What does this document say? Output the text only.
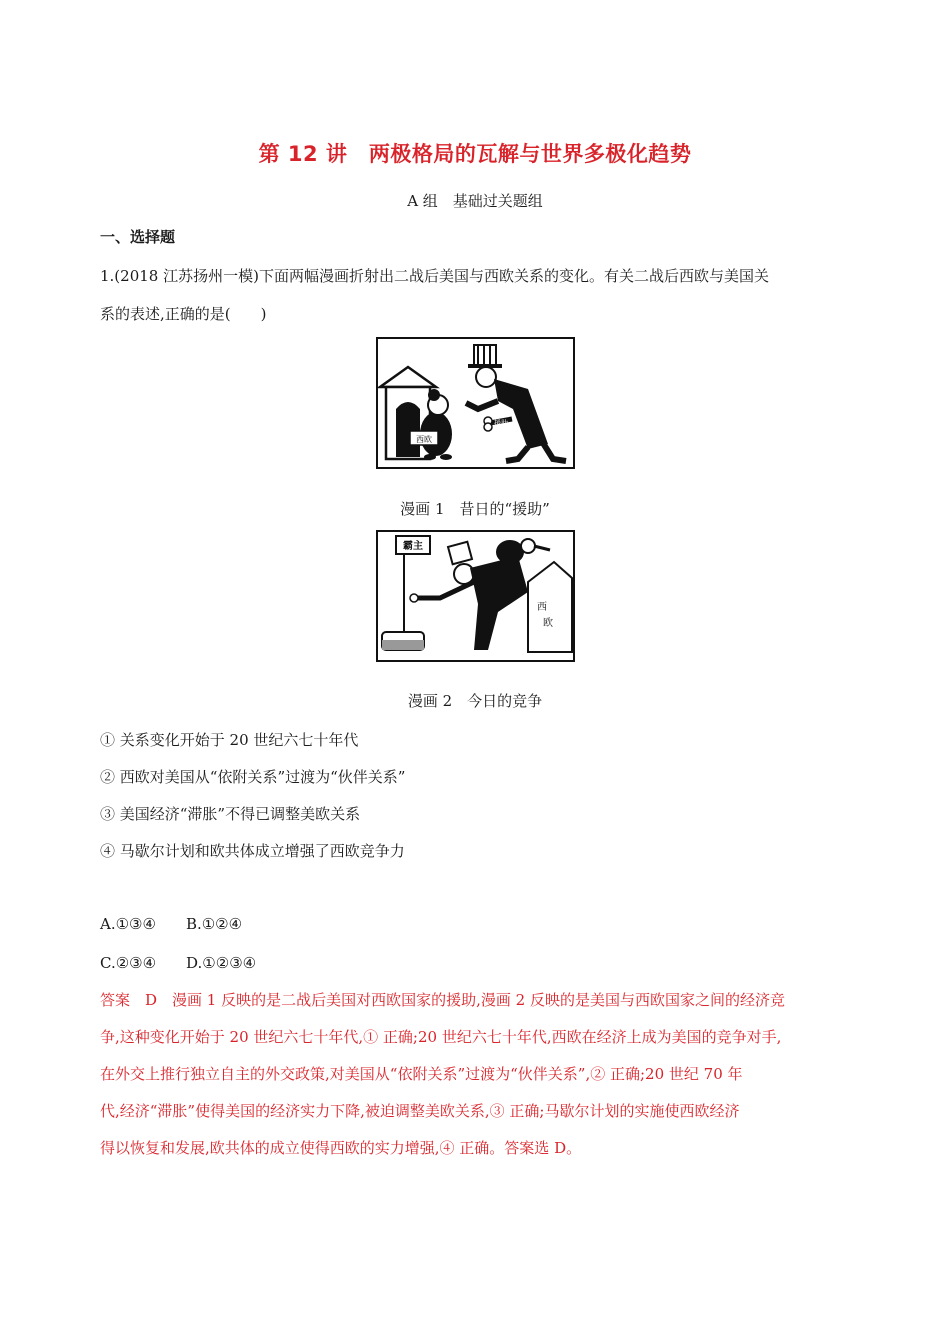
第 12 讲　两极格局的瓦解与世界多极化趋势
A 组　基础过关题组
一、选择题
1.(2018 江苏扬州一模)下面两幅漫画折射出二战后美国与西欧关系的变化。有关二战后西欧与美国关
系的表述,正确的是(　　)
西欧
援助
漫画 1　昔日的“援助”
霸主
西
欧
漫画 2　今日的竞争
① 关系变化开始于 20 世纪六七十年代
② 西欧对美国从“依附关系”过渡为“伙伴关系”
③ 美国经济“滞胀”不得已调整美欧关系
④ 马歇尔计划和欧共体成立增强了西欧竞争力
A.①③④　　B.①②④
C.②③④　　D.①②③④
答案　D　漫画 1 反映的是二战后美国对西欧国家的援助,漫画 2 反映的是美国与西欧国家之间的经济竞
争,这种变化开始于 20 世纪六七十年代,① 正确;20 世纪六七十年代,西欧在经济上成为美国的竞争对手,
在外交上推行独立自主的外交政策,对美国从“依附关系”过渡为“伙伴关系”,② 正确;20 世纪 70 年
代,经济“滞胀”使得美国的经济实力下降,被迫调整美欧关系,③ 正确;马歇尔计划的实施使西欧经济
得以恢复和发展,欧共体的成立使得西欧的实力增强,④ 正确。答案选 D。
